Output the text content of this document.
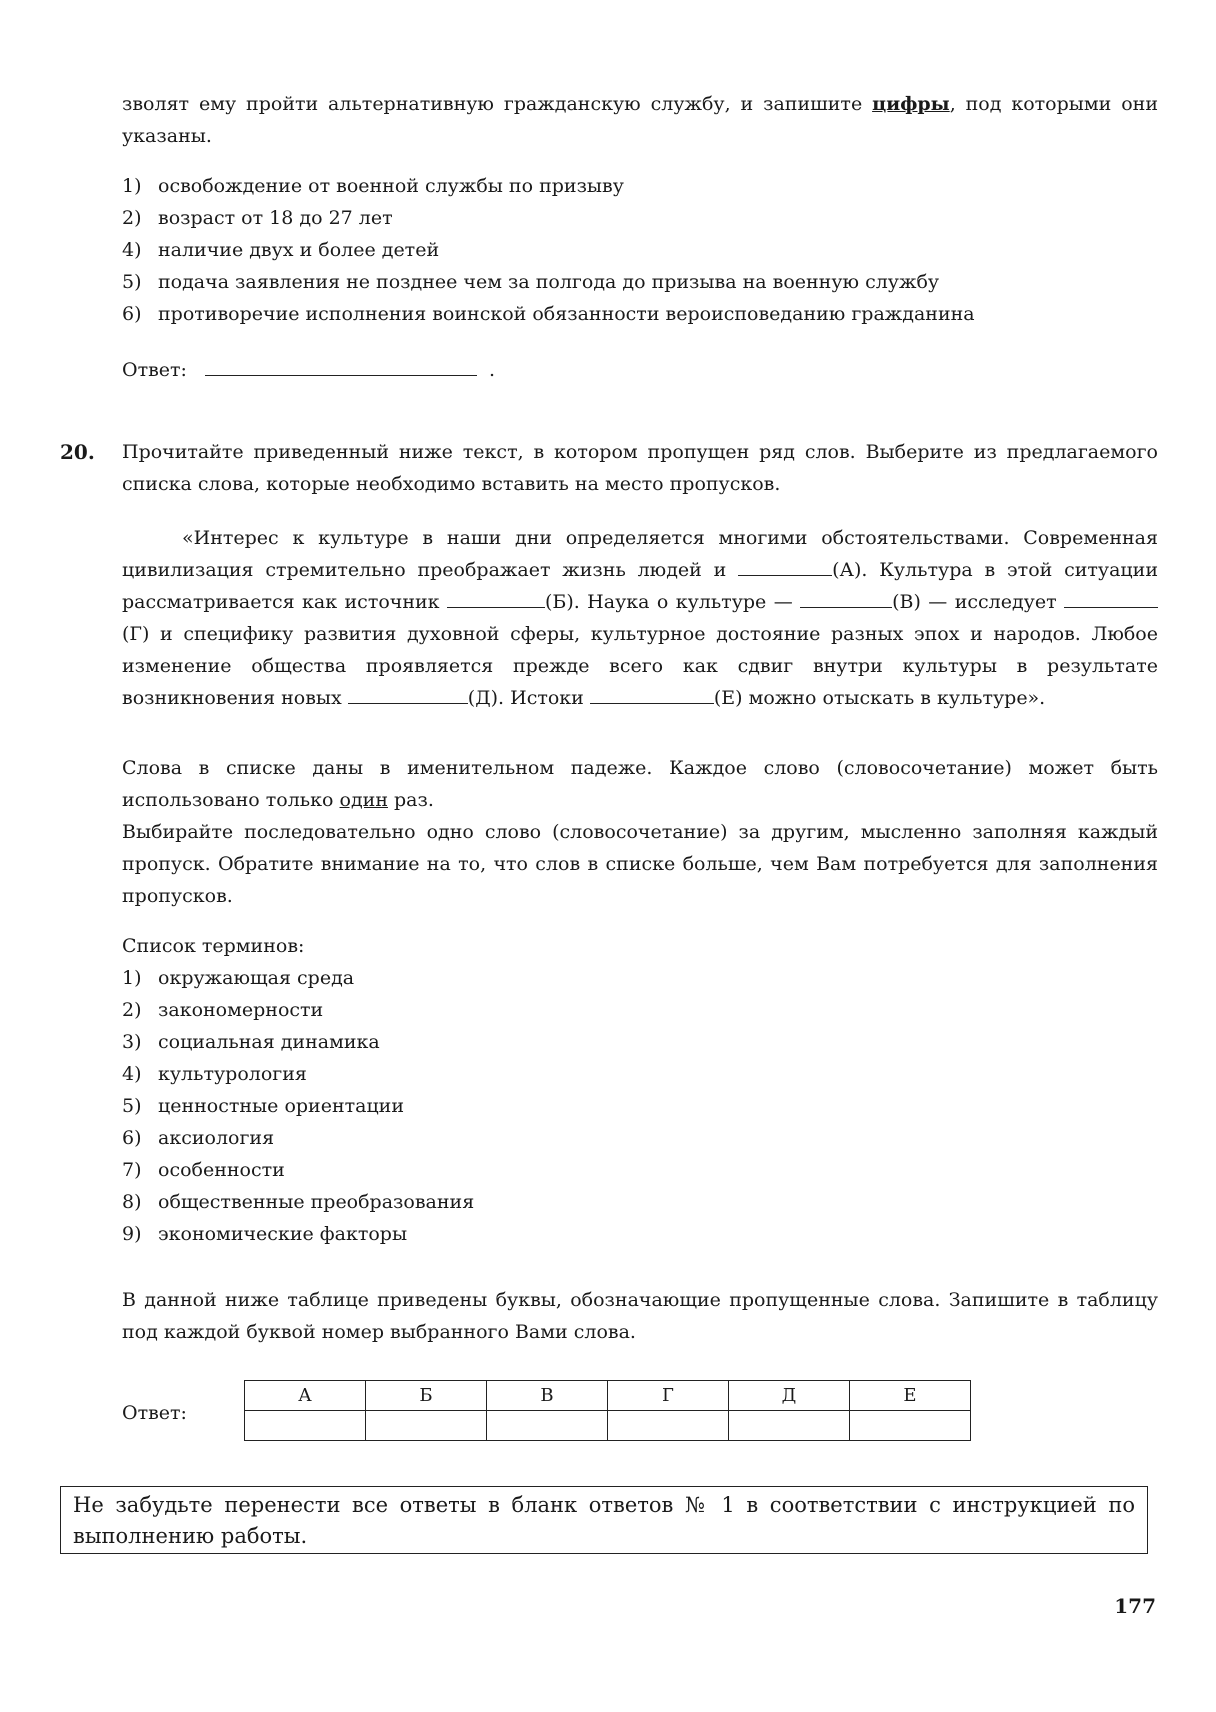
зволят ему пройти альтернативную гражданскую службу, и запишите цифры, под которыми они указаны.

1) освобождение от военной службы по призыву
2) возраст от 18 до 27 лет
4) наличие двух и более детей
5) подача заявления не позднее чем за полгода до призыва на военную службу
6) противоречие исполнения воинской обязанности вероисповеданию гражданина
Ответ:	.
20. Прочитайте приведенный ниже текст, в котором пропущен ряд слов. Выберите из предлагаемого списка слова, которые необходимо вставить на место пропусков.

«Интерес к культуре в наши дни определяется многими обстоятельствами. Современная цивилизация стремительно преображает жизнь людей и	(А). Культура в этой ситуации рассматривается как источник	(Б). Наука о культуре —	(В) — исследует (Г) и специфику развития духовной сферы, культурное достояние разных эпох и народов. Любое изменение общества проявляется прежде всего как сдвиг внутри культуры в результате возникновения новых	(Д). Истоки	(Е) можно отыскать в культуре».

Слова в списке даны в именительном падеже. Каждое слово (словосочетание) может быть использовано только один раз.

Выбирайте последовательно одно слово (словосочетание) за другим, мысленно заполняя каждый пропуск. Обратите внимание на то, что слов в списке больше, чем Вам потребуется для заполнения пропусков.

Список терминов:

1) окружающая среда
2) закономерности
3) социальная динамика
4) культурология
5) ценностные ориентации
6) аксиология
7) особенности
8) общественные преобразования
9) экономические факторы

В данной ниже таблице приведены буквы, обозначающие пропущенные слова. Запишите в таблицу под каждой буквой номер выбранного Вами слова.

Ответ:
А	Б	В	Г	Д	Е

Не забудьте перенести все ответы в бланк ответов № 1 в соответствии с инструкцией по выполнению работы.
177
